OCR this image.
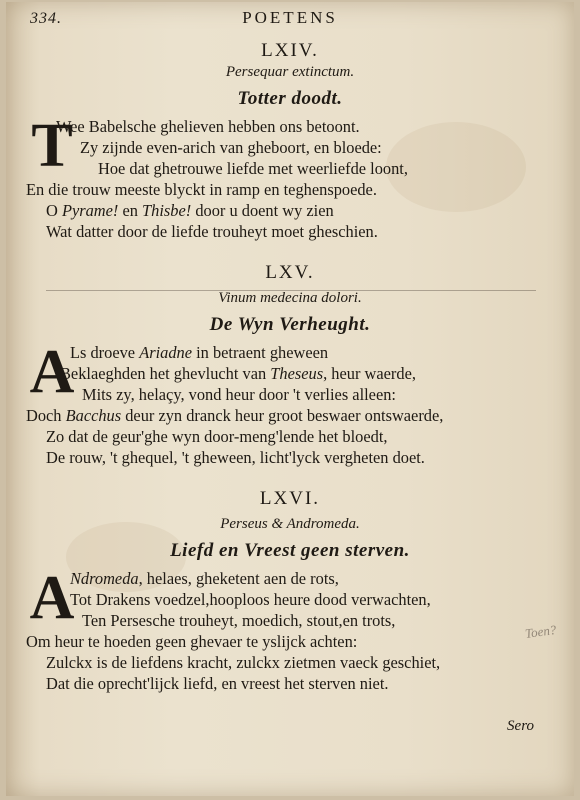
334.	POETENS
LXIV.
Persequar extinctum.
Totter doodt.
T
Wee Babelsche ghelieven hebben ons betoont.
Zy zijnde even-arich van gheboort, en bloede:
Hoe dat ghetrouwe liefde met weerliefde loont,
En die trouw meeste blyckt in ramp en teghenspoede.
O Pyrame! en Thisbe! door u doent wy zien
Wat datter door de liefde trouheyt moet gheschien.
LXV.
Vinum medecina dolori.
De Wyn Verheught.
A
Ls droeve Ariadne in betraent gheween
Beklaeghden het ghevlucht van Theseus, heur waerde,
Mits zy, helaçy, vond heur door 't verlies alleen:
Doch Bacchus deur zyn dranck heur groot beswaer ontswaerde,
Zo dat de geur'ghe wyn door-meng'lende het bloedt,
De rouw, 't ghequel, 't gheween, licht'lyck vergheten doet.
LXVI.
Perseus & Andromeda.
Liefd en Vreest geen sterven.
A
Ndromeda, helaes, gheketent aen de rots,
Tot Drakens voedzel,hooploos heure dood verwachten,
Ten Persesche trouheyt, moedich, stout,en trots,
Om heur te hoeden geen ghevaer te yslijck achten:
Zulckx is de liefdens kracht, zulckx zietmen vaeck geschiet,
Dat die oprecht'lijck liefd, en vreest het sterven niet.
Toen?
Sero
